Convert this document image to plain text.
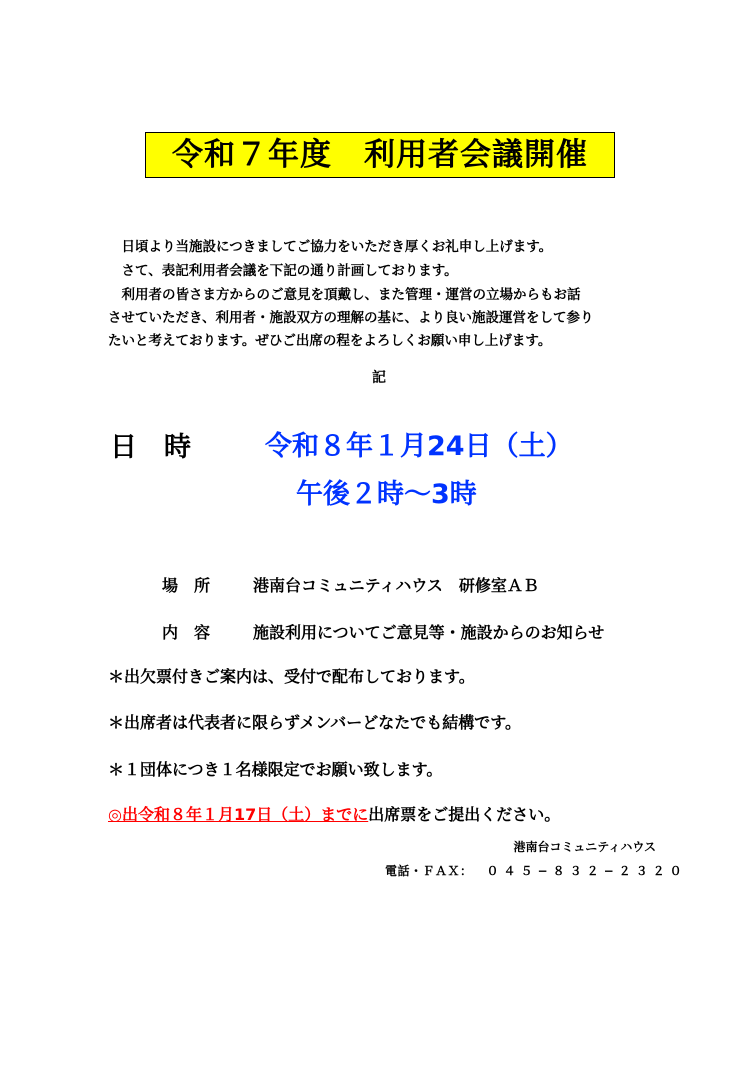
令和７年度　利用者会議開催
　日頃より当施設につきましてご協力をいただき厚くお礼申し上げます。
　さて、表記利用者会議を下記の通り計画しております。
　利用者の皆さま方からのご意見を頂戴し、また管理・運営の立場からもお話
させていただき、利用者・施設双方の理解の基に、より良い施設運営をして参り
たいと考えております。ぜひご出席の程をよろしくお願い申し上げます。
記
日　時	令和８年１月24日（土）
午後２時〜3時
場　所	港南台コミュニティハウス　研修室ＡＢ
内　容	施設利用についてご意見等・施設からのお知らせ
＊出欠票付きご案内は、受付で配布しております。
＊出席者は代表者に限らずメンバーどなたでも結構です。
＊１団体につき１名様限定でお願い致します。
◎出令和８年１月17日（土）までに出席票をご提出ください。
港南台コミュニティハウス
電話・ＦＡＸ： ０４５−８３２−２３２０
